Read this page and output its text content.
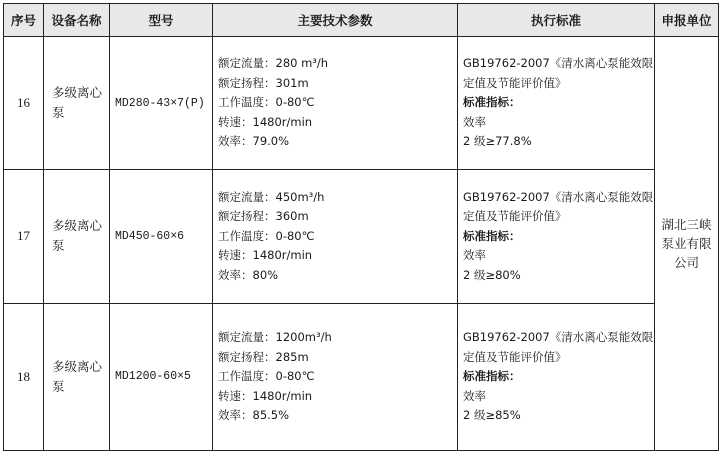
序号	设备名称	型号	主要技术参数	执行标准	申报单位
16	多级离心
泵	MD280-43×7(P)	额定流量：280 m³/h
额定扬程：301m
工作温度：0-80℃
转速：1480r/min
效率：79.0%	GB19762-2007《清水离心泵能效限
定值及节能评价值》
标准指标：
效率
2 级≥77.8%	湖北三峡
泵业有限
公司

17	多级离心
泵	MD450-60×6	额定流量：450m³/h
额定扬程：360m
工作温度：0-80℃
转速：1480r/min
效率：80%	GB19762-2007《清水离心泵能效限
定值及节能评价值》
标准指标：
效率
2 级≥80%	

18	多级离心
泵	MD1200-60×5	额定流量：1200m³/h
额定扬程：285m
工作温度：0-80℃
转速：1480r/min
效率：85.5%	GB19762-2007《清水离心泵能效限
定值及节能评价值》
标准指标：
效率
2 级≥85%	
